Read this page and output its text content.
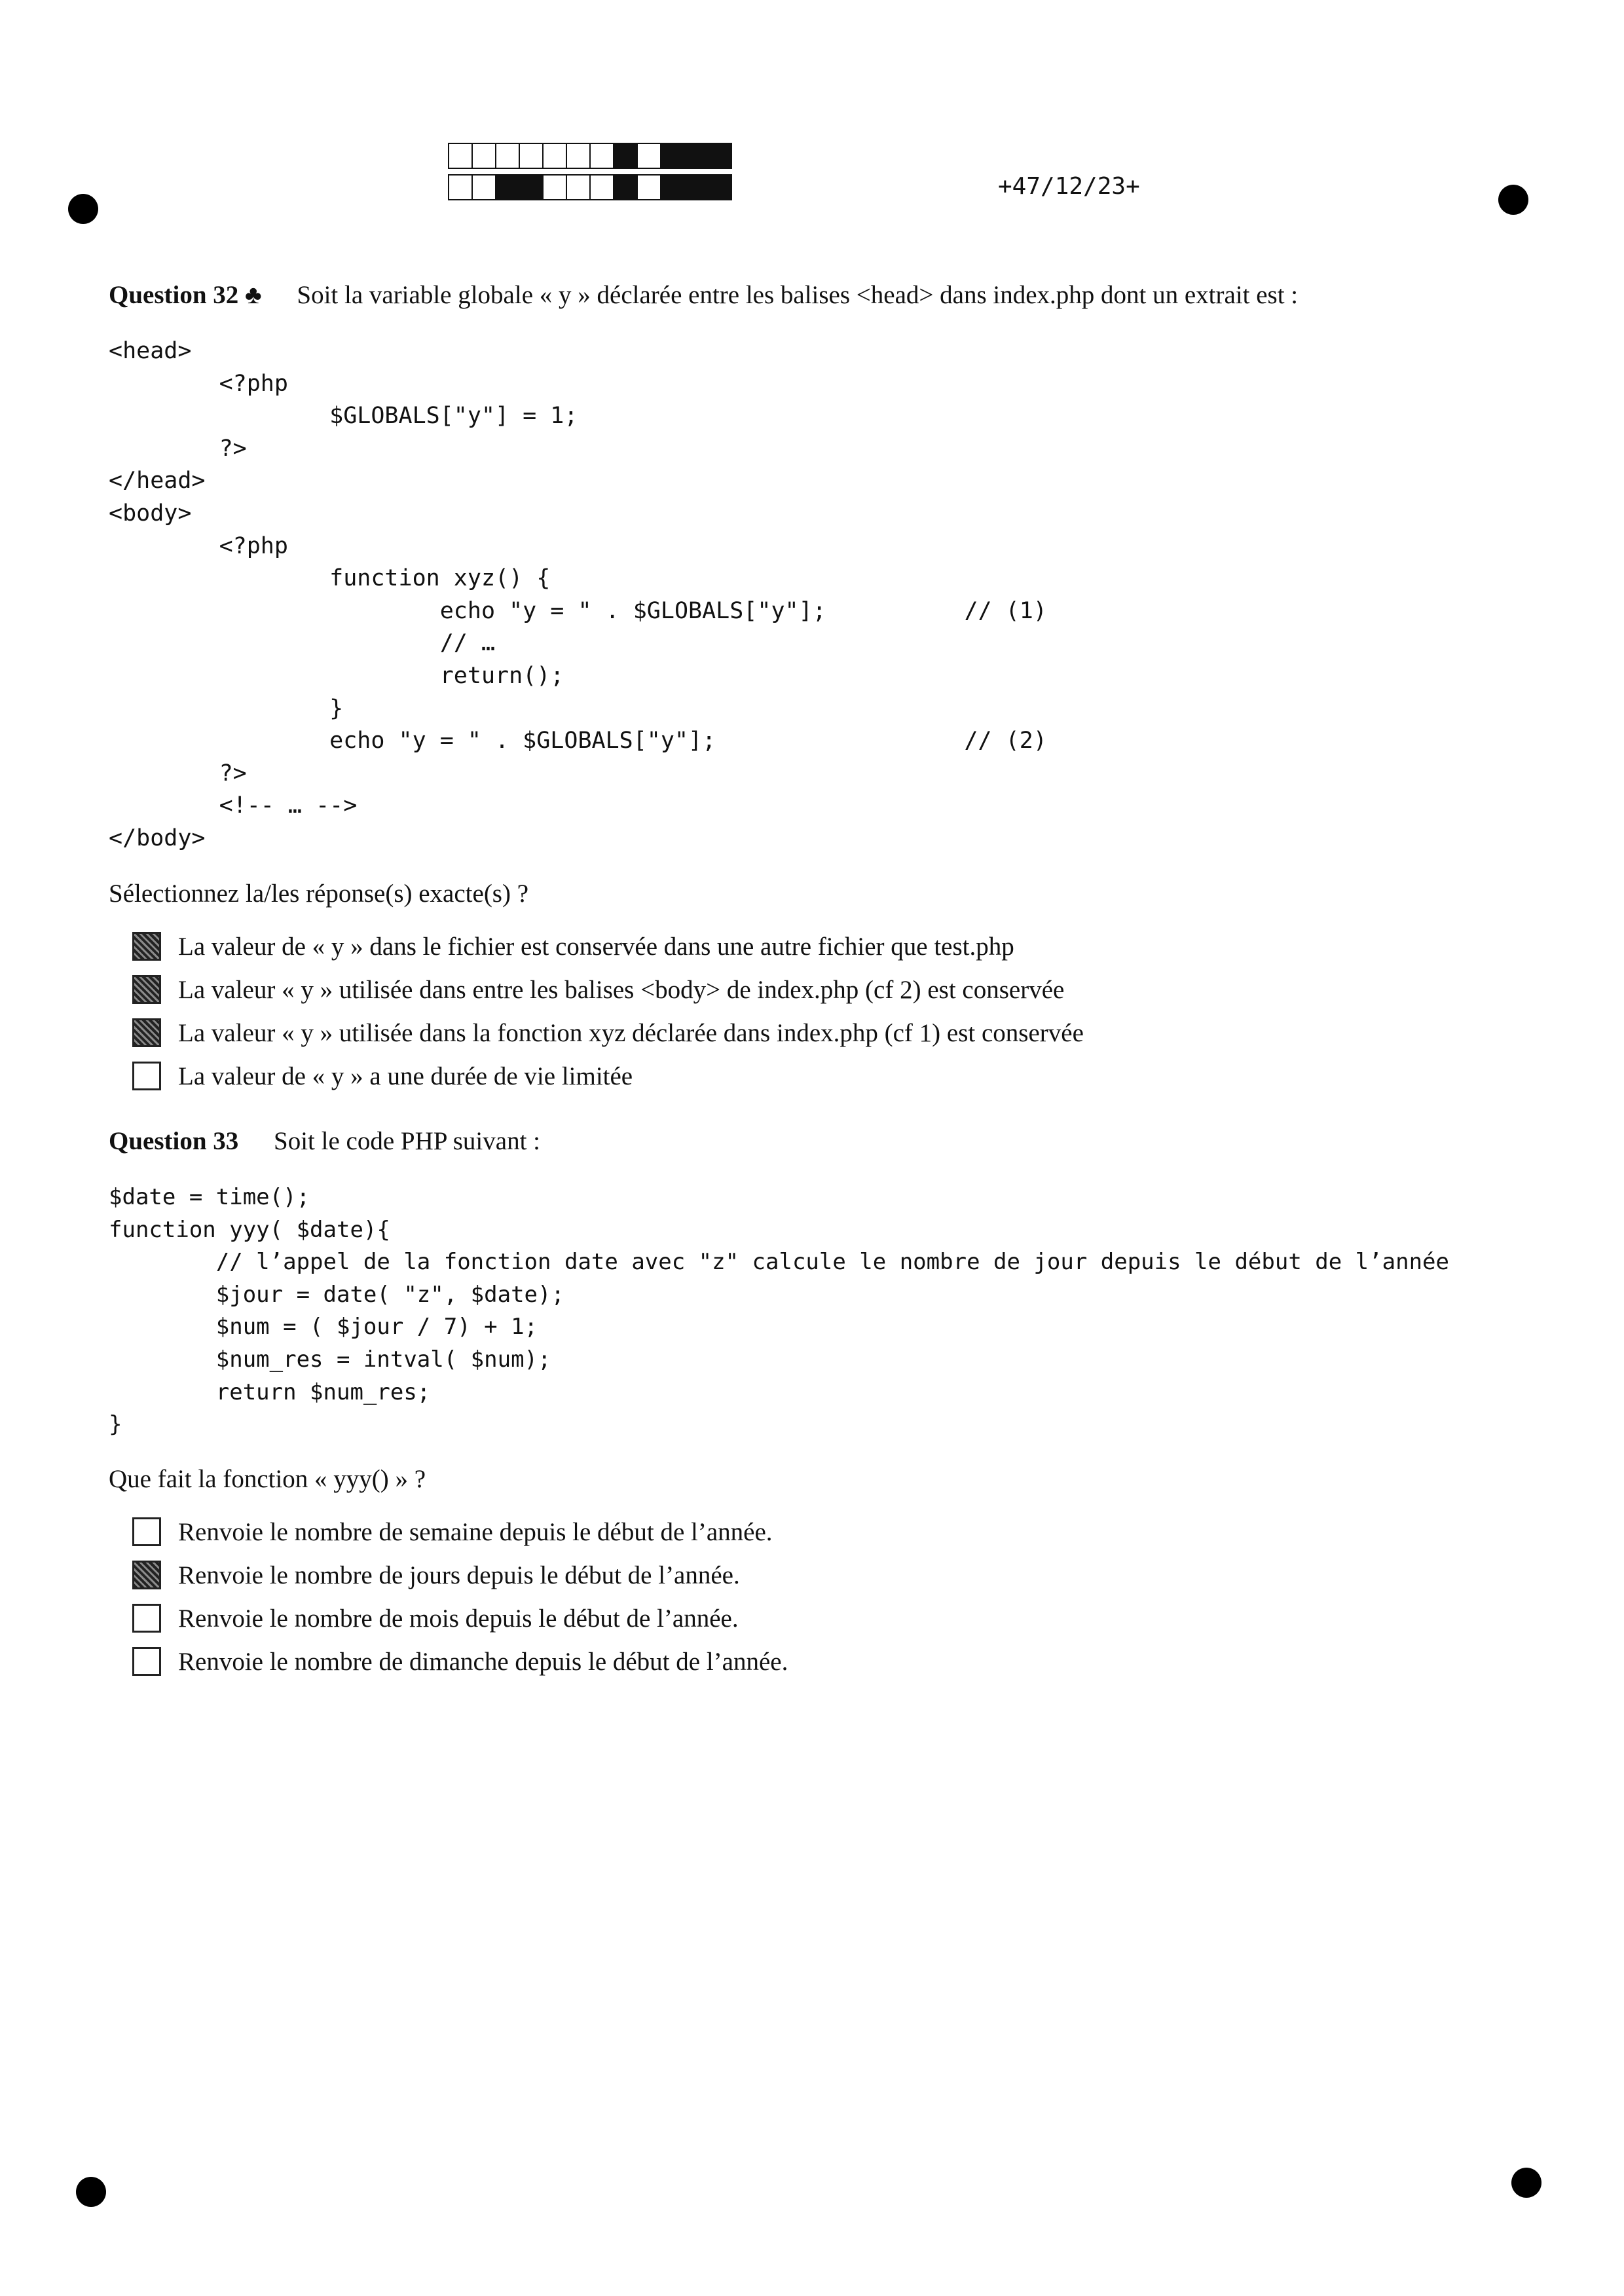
+47/12/23+
Question 32 ♣ Soit la variable globale « y » déclarée entre les balises <head> dans index.php dont un extrait est :
<head>
<?php
$GLOBALS["y"] = 1;
?>
</head>
<body>
<?php
function xyz() {
echo "y = " . $GLOBALS["y"];          // (1)
// …
return();
}
echo "y = " . $GLOBALS["y"];                  // (2)
?>
<!-- … -->
</body>
Sélectionnez la/les réponse(s) exacte(s) ?
La valeur de « y » dans le fichier est conservée dans une autre fichier que test.php
La valeur « y » utilisée dans entre les balises <body> de index.php (cf 2) est conservée
La valeur « y » utilisée dans la fonction xyz déclarée dans index.php (cf 1) est conservée
La valeur de « y » a une durée de vie limitée
Question 33 Soit le code PHP suivant :
$date = time();
function yyy( $date){
// l’appel de la fonction date avec "z" calcule le nombre de jour depuis le début de l’année
$jour = date( "z", $date);
$num = ( $jour / 7) + 1;
$num_res = intval( $num);
return $num_res;
}
Que fait la fonction « yyy() » ?
Renvoie le nombre de semaine depuis le début de l’année.
Renvoie le nombre de jours depuis le début de l’année.
Renvoie le nombre de mois depuis le début de l’année.
Renvoie le nombre de dimanche depuis le début de l’année.
